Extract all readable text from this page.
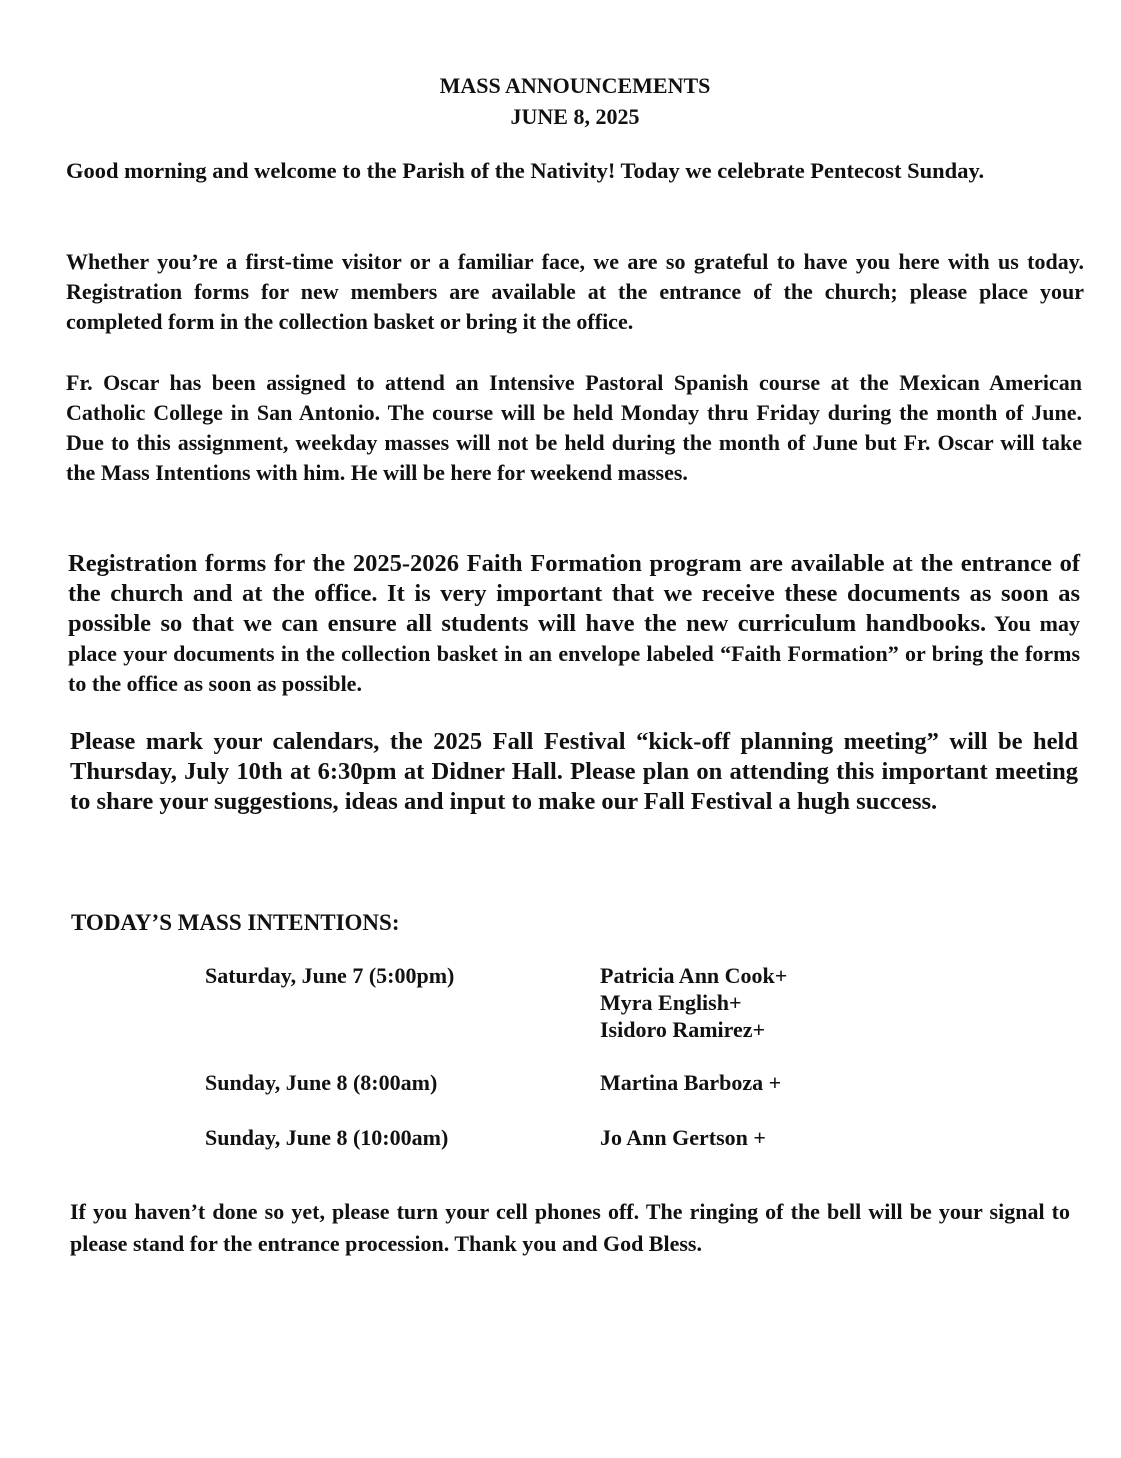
MASS ANNOUNCEMENTS
JUNE 8, 2025

Good morning and welcome to the Parish of the Nativity! Today we celebrate Pentecost Sunday.

Whether you’re a first-time visitor or a familiar face, we are so grateful to have you here with us today. Registration forms for new members are available at the entrance of the church; please place your completed form in the collection basket or bring it the office.

Fr. Oscar has been assigned to attend an Intensive Pastoral Spanish course at the Mexican American Catholic College in San Antonio. The course will be held Monday thru Friday during the month of June. Due to this assignment, weekday masses will not be held during the month of June but Fr. Oscar will take the Mass Intentions with him. He will be here for weekend masses.

Registration forms for the 2025-2026 Faith Formation program are available at the entrance of the church and at the office. It is very important that we receive these documents as soon as possible so that we can ensure all students will have the new curriculum handbooks. You may place your documents in the collection basket in an envelope labeled “Faith Formation” or bring the forms to the office as soon as possible.

Please mark your calendars, the 2025 Fall Festival “kick-off planning meeting” will be held Thursday, July 10th at 6:30pm at Didner Hall. Please plan on attending this important meeting to share your suggestions, ideas and input to make our Fall Festival a hugh success.

TODAY’S MASS INTENTIONS:
Saturday, June 7 (5:00pm)	Patricia Ann Cook+
Myra English+
Isidoro Ramirez+
Sunday, June 8 (8:00am)	Martina Barboza +
Sunday, June 8 (10:00am)	Jo Ann Gertson +

If you haven’t done so yet, please turn your cell phones off. The ringing of the bell will be your signal to please stand for the entrance procession. Thank you and God Bless.
